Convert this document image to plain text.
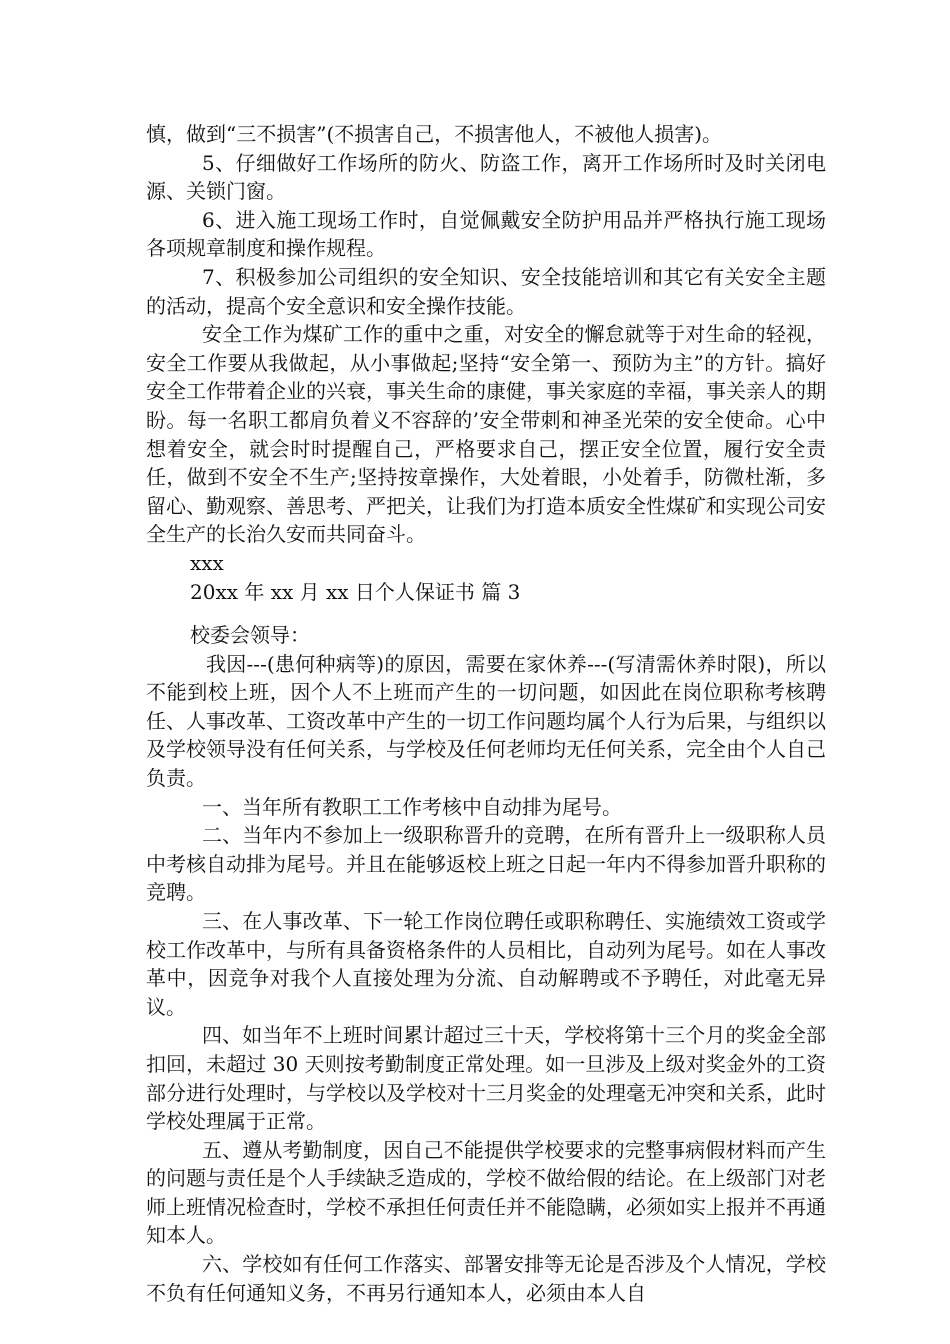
慎，做到“三不损害”(不损害自己，不损害他人，不被他人损害)。

5、仔细做好工作场所的防火、防盗工作，离开工作场所时及时关闭电源、关锁门窗。

6、进入施工现场工作时，自觉佩戴安全防护用品并严格执行施工现场各项规章制度和操作规程。

7、积极参加公司组织的安全知识、安全技能培训和其它有关安全主题的活动，提高个安全意识和安全操作技能。

安全工作为煤矿工作的重中之重，对安全的懈怠就等于对生命的轻视，安全工作要从我做起，从小事做起;坚持“安全第一、预防为主”的方针。搞好安全工作带着企业的兴衰，事关生命的康健，事关家庭的幸福，事关亲人的期盼。每一名职工都肩负着义不容辞的’安全带刺和神圣光荣的安全使命。心中想着安全，就会时时提醒自己，严格要求自己，摆正安全位置，履行安全责任，做到不安全不生产;坚持按章操作，大处着眼，小处着手，防微杜渐，多留心、勤观察、善思考、严把关，让我们为打造本质安全性煤矿和实现公司安全生产的长治久安而共同奋斗。

xxx

20xx 年 xx 月 xx 日个人保证书 篇 3

校委会领导：

我因---(患何种病等)的原因，需要在家休养---(写清需休养时限)，所以不能到校上班，因个人不上班而产生的一切问题，如因此在岗位职称考核聘任、人事改革、工资改革中产生的一切工作问题均属个人行为后果，与组织以及学校领导没有任何关系，与学校及任何老师均无任何关系，完全由个人自己负责。

一、当年所有教职工工作考核中自动排为尾号。

二、当年内不参加上一级职称晋升的竞聘，在所有晋升上一级职称人员中考核自动排为尾号。并且在能够返校上班之日起一年内不得参加晋升职称的竞聘。

三、在人事改革、下一轮工作岗位聘任或职称聘任、实施绩效工资或学校工作改革中，与所有具备资格条件的人员相比，自动列为尾号。如在人事改革中，因竞争对我个人直接处理为分流、自动解聘或不予聘任，对此毫无异议。

四、如当年不上班时间累计超过三十天，学校将第十三个月的奖金全部扣回，未超过 30 天则按考勤制度正常处理。如一旦涉及上级对奖金外的工资部分进行处理时，与学校以及学校对十三月奖金的处理毫无冲突和关系，此时学校处理属于正常。

五、遵从考勤制度，因自己不能提供学校要求的完整事病假材料而产生的问题与责任是个人手续缺乏造成的，学校不做给假的结论。在上级部门对老师上班情况检查时，学校不承担任何责任并不能隐瞒，必须如实上报并不再通知本人。

六、学校如有任何工作落实、部署安排等无论是否涉及个人情况，学校不负有任何通知义务，不再另行通知本人，必须由本人自
